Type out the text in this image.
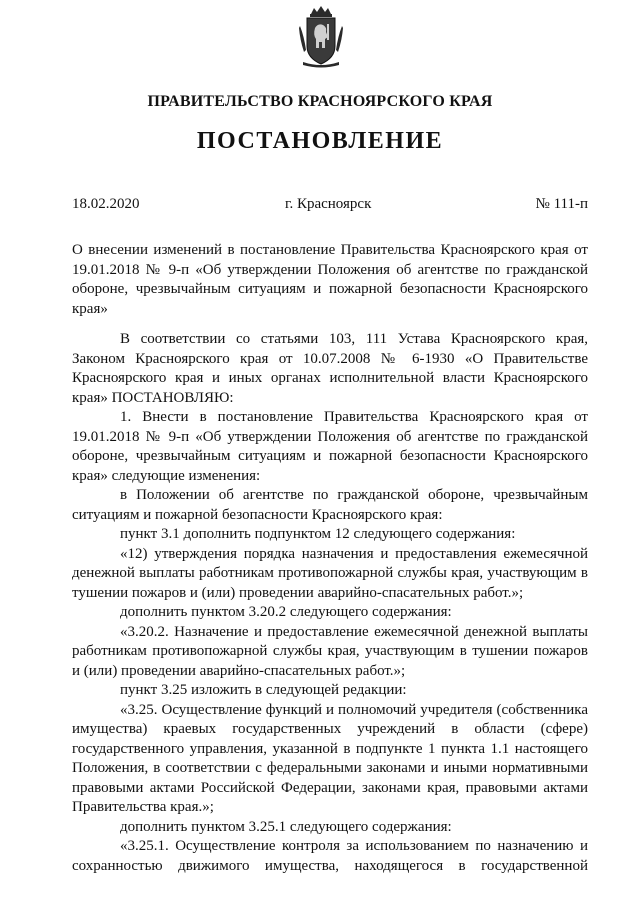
ПРАВИТЕЛЬСТВО КРАСНОЯРСКОГО КРАЯ
ПОСТАНОВЛЕНИЕ
18.02.2020	г. Красноярск	№ 111-п
О внесении изменений в постановление Правительства Красноярского края от 19.01.2018 № 9-п «Об утверждении Положения об агентстве по гражданской обороне, чрезвычайным ситуациям и пожарной безопасности Красноярского края»

В соответствии со статьями 103, 111 Устава Красноярского края, Законом Красноярского края от 10.07.2008 № 6-1930 «О Правительстве Красноярского края и иных органах исполнительной власти Красноярского края» ПОСТАНОВЛЯЮ:

1. Внести в постановление Правительства Красноярского края от 19.01.2018 № 9-п «Об утверждении Положения об агентстве по гражданской обороне, чрезвычайным ситуациям и пожарной безопасности Красноярского края» следующие изменения:

в Положении об агентстве по гражданской обороне, чрезвычайным ситуациям и пожарной безопасности Красноярского края:

пункт 3.1 дополнить подпунктом 12 следующего содержания:

«12) утверждения порядка назначения и предоставления ежемесячной денежной выплаты работникам противопожарной службы края, участвующим в тушении пожаров и (или) проведении аварийно-спасательных работ.»;

дополнить пунктом 3.20.2 следующего содержания:

«3.20.2. Назначение и предоставление ежемесячной денежной выплаты работникам противопожарной службы края, участвующим в тушении пожаров и (или) проведении аварийно-спасательных работ.»;

пункт 3.25 изложить в следующей редакции:

«3.25. Осуществление функций и полномочий учредителя (собственника имущества) краевых государственных учреждений в области (сфере) государственного управления, указанной в подпункте 1 пункта 1.1 настоящего Положения, в соответствии с федеральными законами и иными нормативными правовыми актами Российской Федерации, законами края, правовыми актами Правительства края.»;

дополнить пунктом 3.25.1 следующего содержания:

«3.25.1. Осуществление контроля за использованием по назначению и сохранностью движимого имущества, находящегося в государственной
